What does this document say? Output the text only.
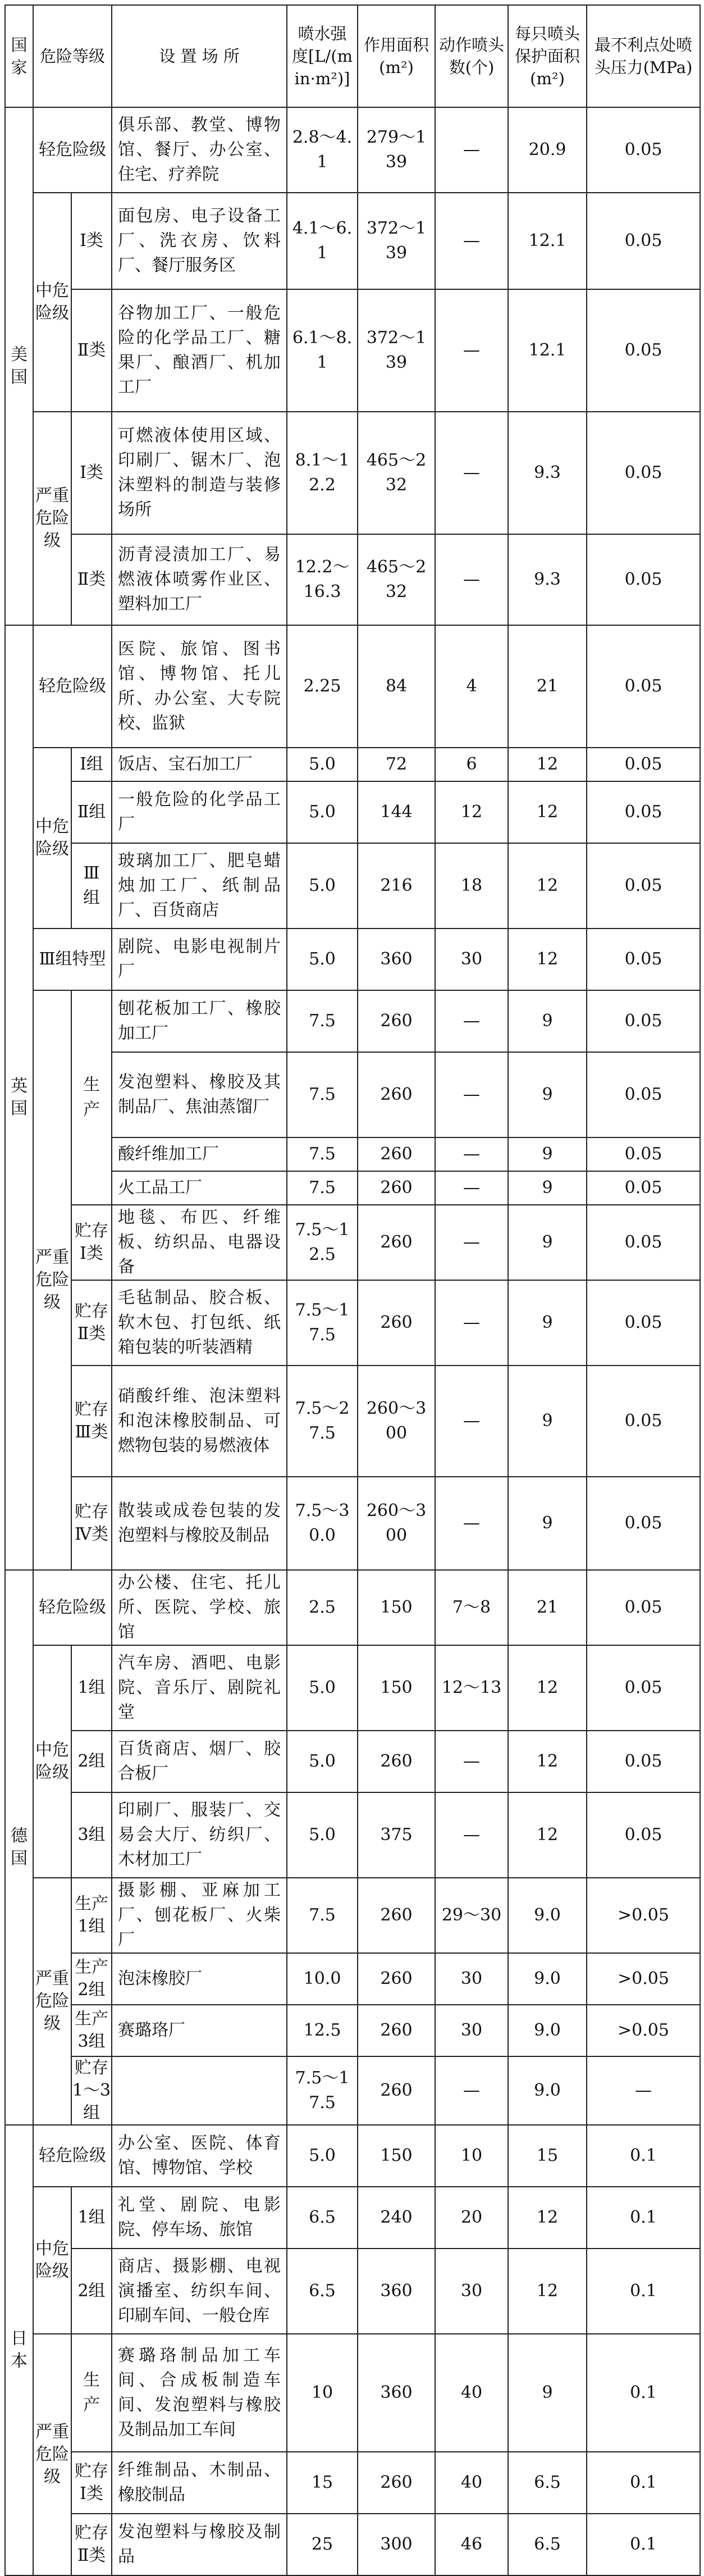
国家	危险等级		设 置 场 所	喷水强度[L/(min·m²)]	作用面积(m²)	动作喷头数(个)	每只喷头保护面积(m²)	最不利点处喷头压力(MPa)
美国	轻危险级		俱乐部、教堂、博物馆、餐厅、办公室、住宅、疗养院	2.8～4.1	279～139	—	20.9	0.05
	中危险级	Ⅰ类	面包房、电子设备工厂、洗衣房、饮料厂、餐厅服务区	4.1～6.1	372～139	—	12.1	0.05
		Ⅱ类	谷物加工厂、一般危险的化学品工厂、糖果厂、酿酒厂、机加工厂	6.1～8.1	372～139	—	12.1	0.05
	严重危险级	Ⅰ类	可燃液体使用区域、印刷厂、锯木厂、泡沫塑料的制造与装修场所	8.1～12.2	465～232	—	9.3	0.05
		Ⅱ类	沥青浸渍加工厂、易燃液体喷雾作业区、塑料加工厂	12.2～16.3	465～232	—	9.3	0.05
英国	轻危险级		医院、旅馆、图书馆、博物馆、托儿所、办公室、大专院校、监狱	2.25	84	4	21	0.05
	中危险级	Ⅰ组	饭店、宝石加工厂	5.0	72	6	12	0.05
		Ⅱ组	一般危险的化学品工厂	5.0	144	12	12	0.05
		Ⅲ组	玻璃加工厂、肥皂蜡烛加工厂、纸制品厂、百货商店	5.0	216	18	12	0.05
	Ⅲ组特型		剧院、电影电视制片厂	5.0	360	30	12	0.05
	严重危险级	生产	刨花板加工厂、橡胶加工厂	7.5	260	—	9	0.05
			发泡塑料、橡胶及其制品厂、焦油蒸馏厂	7.5	260	—	9	0.05
			酸纤维加工厂	7.5	260	—	9	0.05
			火工品工厂	7.5	260	—	9	0.05
		贮存Ⅰ类	地毯、布匹、纤维板、纺织品、电器设备	7.5～12.5	260	—	9	0.05
		贮存Ⅱ类	毛毡制品、胶合板、软木包、打包纸、纸箱包装的听装酒精	7.5～17.5	260	—	9	0.05
		贮存Ⅲ类	硝酸纤维、泡沫塑料和泡沫橡胶制品、可燃物包装的易燃液体	7.5～27.5	260～300	—	9	0.05
		贮存Ⅳ类	散装或成卷包装的发泡塑料与橡胶及制品	7.5～30.0	260～300	—	9	0.05
德国	轻危险级		办公楼、住宅、托儿所、医院、学校、旅馆	2.5	150	7～8	21	0.05
	中危险级	1组	汽车房、酒吧、电影院、音乐厅、剧院礼堂	5.0	150	12～13	12	0.05
		2组	百货商店、烟厂、胶合板厂	5.0	260	—	12	0.05
		3组	印刷厂、服装厂、交易会大厅、纺织厂、木材加工厂	5.0	375	—	12	0.05
	严重危险级	生产1组	摄影棚、亚麻加工厂、刨花板厂、火柴厂	7.5	260	29～30	9.0	>0.05
		生产2组	泡沫橡胶厂	10.0	260	30	9.0	>0.05
		生产3组	赛璐珞厂	12.5	260	30	9.0	>0.05
		贮存1～3组		7.5～17.5	260	—	9.0	—
日本	轻危险级		办公室、医院、体育馆、博物馆、学校	5.0	150	10	15	0.1
	中危险级	1组	礼堂、剧院、电影院、停车场、旅馆	6.5	240	20	12	0.1
		2组	商店、摄影棚、电视演播室、纺织车间、印刷车间、一般仓库	6.5	360	30	12	0.1
	严重危险级	生产	赛璐珞制品加工车间、合成板制造车间、发泡塑料与橡胶及制品加工车间	10	360	40	9	0.1
		贮存Ⅰ类	纤维制品、木制品、橡胶制品	15	260	40	6.5	0.1
		贮存Ⅱ类	发泡塑料与橡胶及制品	25	300	46	6.5	0.1
